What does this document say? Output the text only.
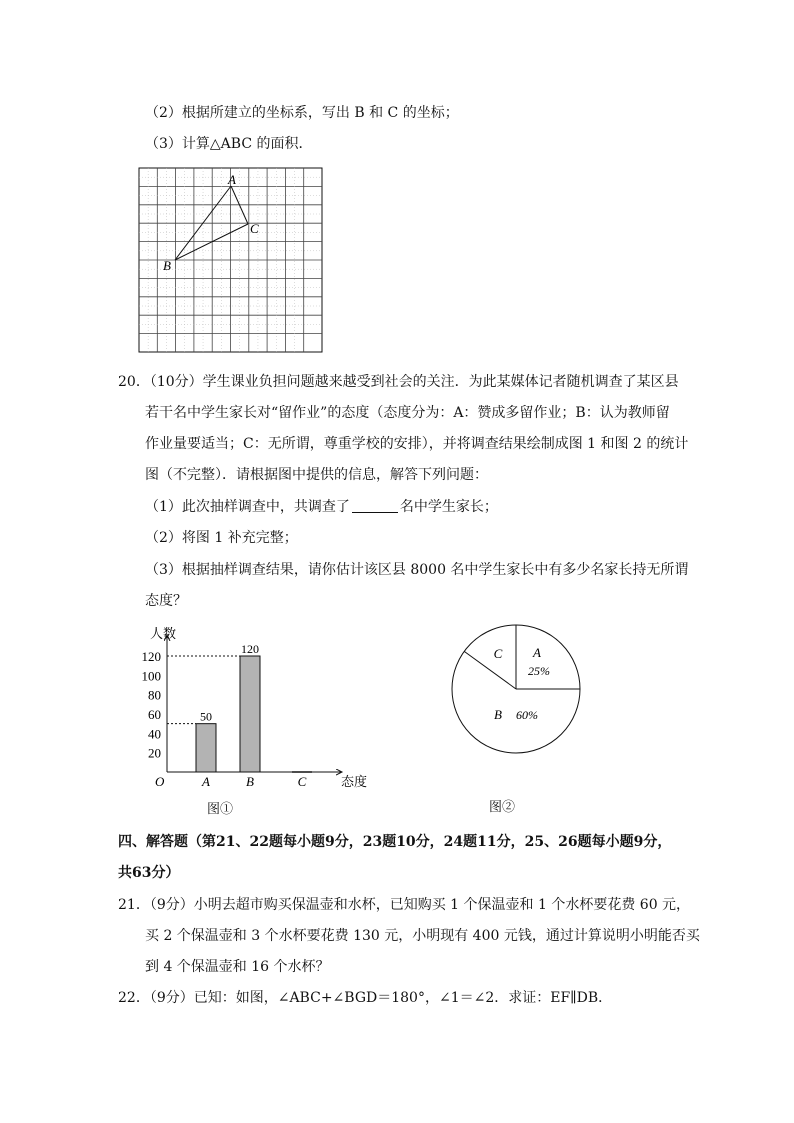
（2）根据所建立的坐标系，写出 B 和 C 的坐标；
（3）计算△ABC 的面积．
A
C
B
20．（10分）学生课业负担问题越来越受到社会的关注．为此某媒体记者随机调查了某区县
若干名中学生家长对“留作业”的态度（态度分为：A：赞成多留作业；B：认为教师留
作业量要适当；C：无所谓，尊重学校的安排），并将调查结果绘制成图 1 和图 2 的统计
图（不完整）．请根据图中提供的信息，解答下列问题：
（1）此次抽样调查中，共调查了	名中学生家长；
（2）将图 1 补充完整；
（3）根据抽样调查结果，请你估计该区县 8000 名中学生家长中有多少名家长持无所谓
态度？
人数
态度
O
20
40
60
80
100
120
A	B	C
50
120
图①
A
25%
B 60%
C
图②
四、解答题（第21、22题每小题9分，23题10分，24题11分，25、26题每小题9分，
共63分）
21．（9分）小明去超市购买保温壶和水杯，已知购买 1 个保温壶和 1 个水杯要花费 60 元，
买 2 个保温壶和 3 个水杯要花费 130 元，小明现有 400 元钱，通过计算说明小明能否买
到 4 个保温壶和 16 个水杯？
22．（9分）已知：如图，∠ABC+∠BGD＝180°，∠1＝∠2．求证：EF∥DB．
